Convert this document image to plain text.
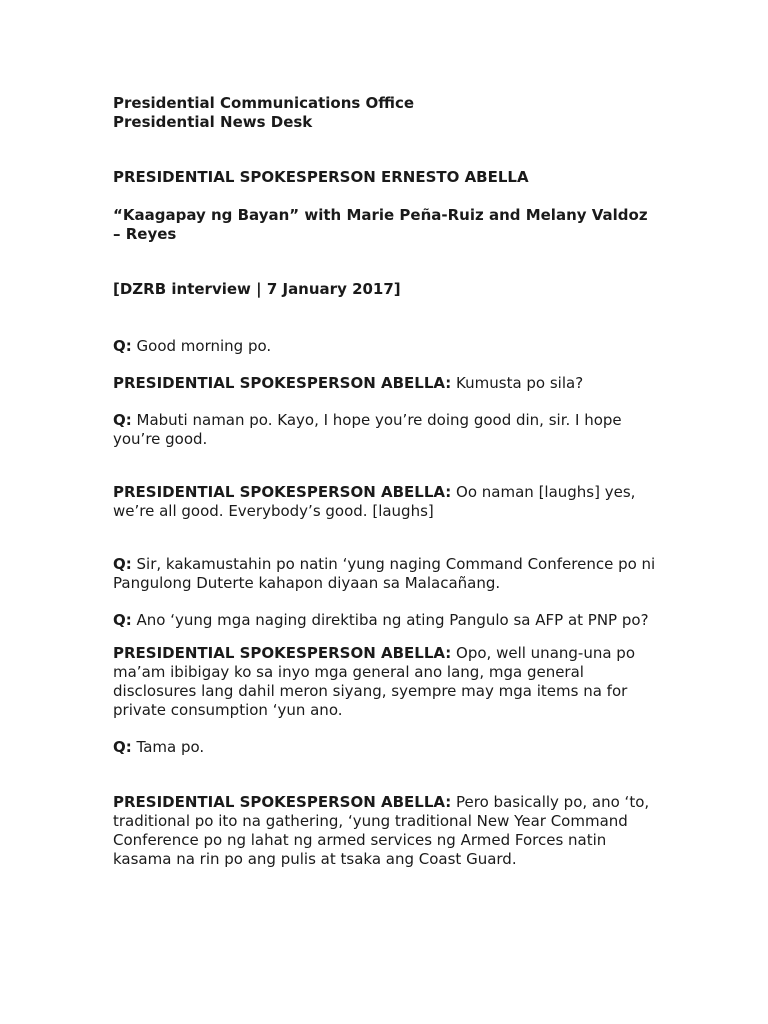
Presidential Communications Office

Presidential News Desk

PRESIDENTIAL SPOKESPERSON ERNESTO ABELLA

“Kaagapay ng Bayan” with Marie Peña-Ruiz and Melany Valdoz – Reyes

[DZRB interview | 7 January 2017]

Q: Good morning po.

PRESIDENTIAL SPOKESPERSON ABELLA: Kumusta po sila?

Q: Mabuti naman po. Kayo, I hope you’re doing good din, sir. I hope you’re good.

PRESIDENTIAL SPOKESPERSON ABELLA: Oo naman [laughs] yes, we’re all good. Everybody’s good. [laughs]

Q: Sir, kakamustahin po natin ‘yung naging Command Conference po ni Pangulong Duterte kahapon diyaan sa Malacañang.

Q: Ano ‘yung mga naging direktiba ng ating Pangulo sa AFP at PNP po?

PRESIDENTIAL SPOKESPERSON ABELLA: Opo, well unang-una po ma’am ibibigay ko sa inyo mga general ano lang, mga general disclosures lang dahil meron siyang, syempre may mga items na for private consumption ‘yun ano.

Q: Tama po.

PRESIDENTIAL SPOKESPERSON ABELLA: Pero basically po, ano ‘to, traditional po ito na gathering, ‘yung traditional New Year Command Conference po ng lahat ng armed services ng Armed Forces natin kasama na rin po ang pulis at tsaka ang Coast Guard.
